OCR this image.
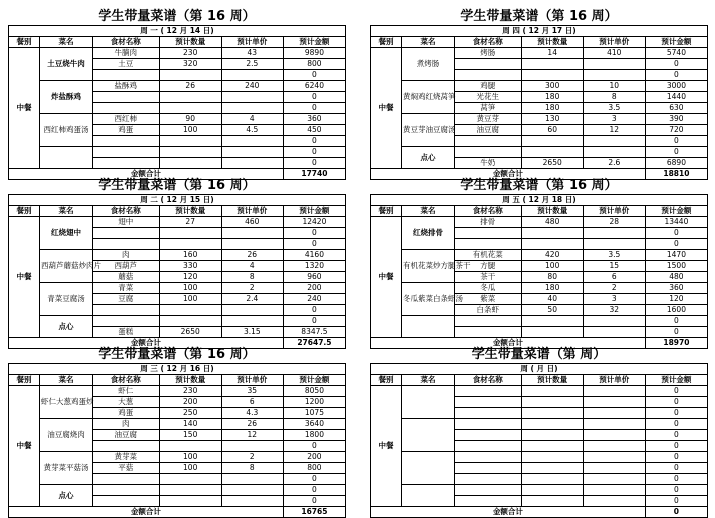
学生带量菜谱（第 16 周）
周 一 ( 12 月 14 日)					
餐别	菜名	食材名称	预计数量	预计单价	预计金额
中餐	土豆烧牛肉	牛腩肉	230	43	9890
		土豆	320	2.5	800
					0
	炸盐酥鸡	盐酥鸡	26	240	6240
					0
					0
	西红柿鸡蛋汤	西红柿	90	4	360
		鸡蛋	100	4.5	450
					0
					0
					0
金额合计					17740
学生带量菜谱（第 16 周）
周 四 ( 12 月 17 日)					
餐别	菜名	食材名称	预计数量	预计单价	预计金额
中餐	煮烤肠	烤肠	14	410	5740
					0
					0
	黄焖鸡红烧莴笋	鸡腿	300	10	3000
		光花生	180	8	1440
		莴笋	180	3.5	630
	黄豆芽油豆腐汤	黄豆芽	130	3	390
		油豆腐	60	12	720
					0
	点心				0
		牛奶	2650	2.6	6890
金额合计					18810
学生带量菜谱（第 16 周）
周 二 ( 12 月 15 日)					
餐别	菜名	食材名称	预计数量	预计单价	预计金额
中餐	红烧翅中	翅中	27	460	12420
					0
					0
	西葫芦蘑菇炒肉片	肉	160	26	4160
		西葫芦	330	4	1320
		蘑菇	120	8	960
	青菜豆腐汤	青菜	100	2	200
		豆腐	100	2.4	240
					0
	点心				0
		蛋糕	2650	3.15	8347.5
金额合计					27647.5
学生带量菜谱（第 16 周）
周 五 ( 12 月 18 日)					
餐别	菜名	食材名称	预计数量	预计单价	预计金额
中餐	红烧排骨	排骨	480	28	13440
					0
					0
	有机花菜炒方腿茶干	有机花菜	420	3.5	1470
		方腿	100	15	1500
		茶干	80	6	480
	冬瓜紫菜白条虾汤	冬瓜	180	2	360
		紫菜	40	3	120
		白条虾	50	32	1600
					0
					0
金额合计					18970
学生带量菜谱（第 16 周）
周 三 ( 12 月 16 日)					
餐别	菜名	食材名称	预计数量	预计单价	预计金额
中餐	虾仁大葱鸡蛋炒	虾仁	230	35	8050
		大葱	200	6	1200
		鸡蛋	250	4.3	1075
	油豆腐烧肉	肉	140	26	3640
		油豆腐	150	12	1800
					0
	黄芽菜平菇汤	黄芽菜	100	2	200
		平菇	100	8	800
					0
	点心				0
					0
金额合计					16765
学生带量菜谱（第 周）
周 ( 月 日)					
餐别	菜名	食材名称	预计数量	预计单价	预计金额
中餐					0
					0
					0
					0
					0
					0
					0
					0
					0
					0
					0
金额合计					0
